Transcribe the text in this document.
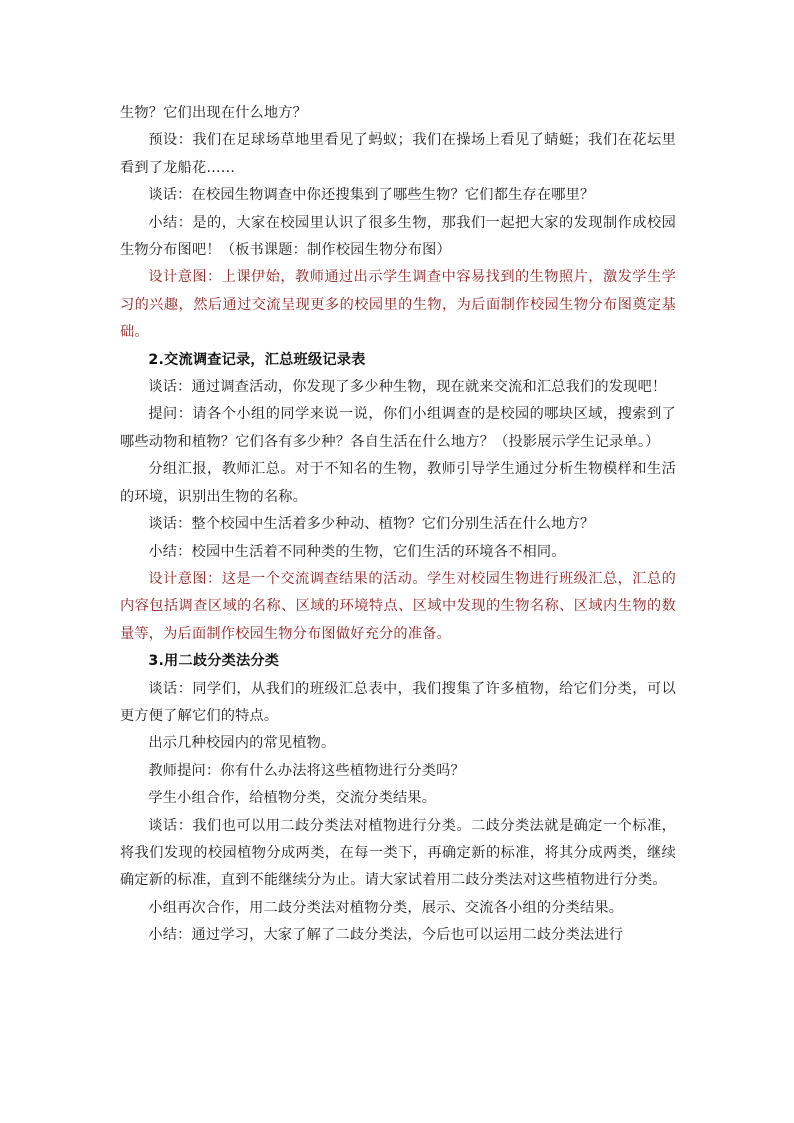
生物？它们出现在什么地方？

预设：我们在足球场草地里看见了蚂蚁；我们在操场上看见了蜻蜓；我们在花坛里看到了龙船花……

谈话：在校园生物调查中你还搜集到了哪些生物？它们都生存在哪里？

小结：是的，大家在校园里认识了很多生物，那我们一起把大家的发现制作成校园生物分布图吧！（板书课题：制作校园生物分布图）

设计意图：上课伊始，教师通过出示学生调查中容易找到的生物照片，激发学生学习的兴趣，然后通过交流呈现更多的校园里的生物，为后面制作校园生物分布图奠定基础。

2.交流调查记录，汇总班级记录表

谈话：通过调查活动，你发现了多少种生物，现在就来交流和汇总我们的发现吧！

提问：请各个小组的同学来说一说，你们小组调查的是校园的哪块区域，搜索到了哪些动物和植物？它们各有多少种？各自生活在什么地方？（投影展示学生记录单。）

分组汇报，教师汇总。对于不知名的生物，教师引导学生通过分析生物模样和生活的环境，识别出生物的名称。

谈话：整个校园中生活着多少种动、植物？它们分别生活在什么地方？

小结：校园中生活着不同种类的生物，它们生活的环境各不相同。

设计意图：这是一个交流调查结果的活动。学生对校园生物进行班级汇总，汇总的内容包括调查区域的名称、区域的环境特点、区域中发现的生物名称、区域内生物的数量等，为后面制作校园生物分布图做好充分的准备。

3.用二歧分类法分类

谈话：同学们，从我们的班级汇总表中，我们搜集了许多植物，给它们分类，可以更方便了解它们的特点。

出示几种校园内的常见植物。

教师提问：你有什么办法将这些植物进行分类吗？

学生小组合作，给植物分类，交流分类结果。

谈话：我们也可以用二歧分类法对植物进行分类。二歧分类法就是确定一个标准，将我们发现的校园植物分成两类，在每一类下，再确定新的标准，将其分成两类，继续确定新的标准，直到不能继续分为止。请大家试着用二歧分类法对这些植物进行分类。

小组再次合作，用二歧分类法对植物分类，展示、交流各小组的分类结果。

小结：通过学习，大家了解了二歧分类法，今后也可以运用二歧分类法进行
